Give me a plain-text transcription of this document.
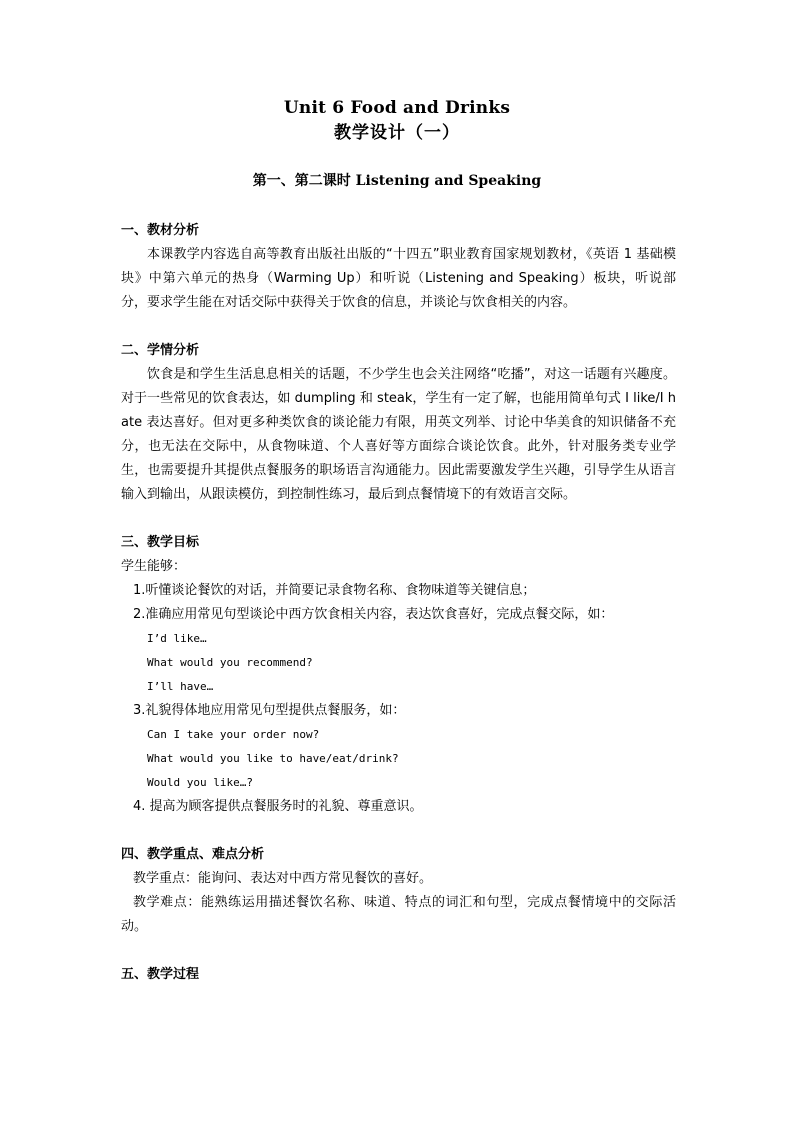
Unit 6 Food and Drinks
教学设计（一）
第一、第二课时 Listening and Speaking
一、教材分析
本课教学内容选自高等教育出版社出版的“十四五”职业教育国家规划教材，《英语 1 基础模块》中第六单元的热身（Warming Up）和听说（Listening and Speaking）板块，听说部分，要求学生能在对话交际中获得关于饮食的信息，并谈论与饮食相关的内容。
二、学情分析
饮食是和学生生活息息相关的话题，不少学生也会关注网络“吃播”，对这一话题有兴趣度。对于一些常见的饮食表达，如 dumpling 和 steak，学生有一定了解，也能用简单句式 I like/I hate 表达喜好。但对更多种类饮食的谈论能力有限，用英文列举、讨论中华美食的知识储备不充分，也无法在交际中，从食物味道、个人喜好等方面综合谈论饮食。此外，针对服务类专业学生，也需要提升其提供点餐服务的职场语言沟通能力。因此需要激发学生兴趣，引导学生从语言输入到输出，从跟读模仿，到控制性练习，最后到点餐情境下的有效语言交际。
三、教学目标
学生能够：
1.听懂谈论餐饮的对话，并简要记录食物名称、食物味道等关键信息；
2.准确应用常见句型谈论中西方饮食相关内容，表达饮食喜好，完成点餐交际，如：
I’d like…
What would you recommend?
I’ll have…
3.礼貌得体地应用常见句型提供点餐服务，如：
Can I take your order now?
What would you like to have/eat/drink?
Would you like…?
4. 提高为顾客提供点餐服务时的礼貌、尊重意识。
四、教学重点、难点分析
教学重点：能询问、表达对中西方常见餐饮的喜好。
教学难点：能熟练运用描述餐饮名称、味道、特点的词汇和句型，完成点餐情境中的交际活动。
五、教学过程
